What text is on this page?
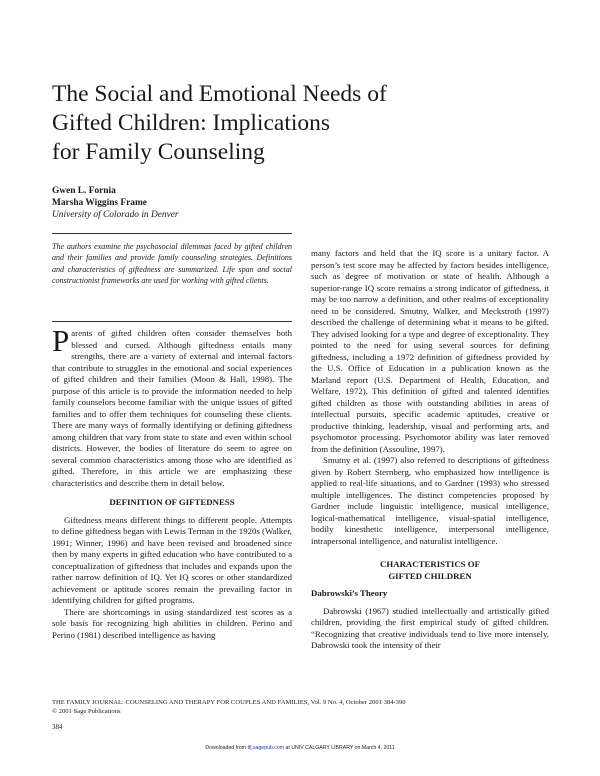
The Social and Emotional Needs of
Gifted Children: Implications
for Family Counseling
Gwen L. Fornia
Marsha Wiggins Frame
University of Colorado in Denver
The authors examine the psychosocial dilemmas faced by gifted children and their families and provide family counseling strategies. Definitions and characteristics of giftedness are summarized. Life span and social constructionist frameworks are used for working with gifted clients.

Parents of gifted children often consider themselves both blessed and cursed. Although giftedness entails many strengths, there are a variety of external and internal factors that contribute to struggles in the emotional and social experiences of gifted children and their families (Moon & Hall, 1998). The purpose of this article is to provide the information needed to help family counselors become familiar with the unique issues of gifted families and to offer them techniques for counseling these clients. There are many ways of formally identifying or defining giftedness among children that vary from state to state and even within school districts. However, the bodies of literature do seem to agree on several common characteristics among those who are identified as gifted. Therefore, in this article we are emphasizing these characteristics and describe them in detail below.

DEFINITION OF GIFTEDNESS

Giftedness means different things to different people. Attempts to define giftedness began with Lewis Terman in the 1920s (Walker, 1991; Winner, 1996) and have been revised and broadened since then by many experts in gifted education who have contributed to a conceptualization of giftedness that includes and expands upon the rather narrow definition of IQ. Yet IQ scores or other standardized achievement or aptitude scores remain the prevailing factor in identifying children for gifted programs.

There are shortcomings in using standardized test scores as a sole basis for recognizing high abilities in children. Perino and Perino (1981) described intelligence as having

many factors and held that the IQ score is a unitary factor. A person’s test score may be affected by factors besides intelligence, such as degree of motivation or state of health. Although a superior-range IQ score remains a strong indicator of giftedness, it may be too narrow a definition, and other realms of exceptionality need to be considered. Smutny, Walker, and Meckstroth (1997) described the challenge of determining what it means to be gifted. They advised looking for a type and degree of exceptionality. They pointed to the need for using several sources for defining giftedness, including a 1972 definition of giftedness provided by the U.S. Office of Education in a publication known as the Marland report (U.S. Department of Health, Education, and Welfare, 1972). This definition of gifted and talented identifies gifted children as those with outstanding abilities in areas of intellectual pursuits, specific academic aptitudes, creative or productive thinking, leadership, visual and performing arts, and psychomotor processing. Psychomotor ability was later removed from the definition (Assouline, 1997).

Smutny et al. (1997) also referred to descriptions of giftedness given by Robert Sternberg, who emphasized how intelligence is applied to real-life situations, and to Gardner (1993) who stressed multiple intelligences. The distinct competencies proposed by Gardner include linguistic intelligence, musical intelligence, logical-mathematical intelligence, visual-spatial intelligence, bodily kinesthetic intelligence, interpersonal intelligence, intrapersonal intelligence, and naturalist intelligence.

CHARACTERISTICS OF
GIFTED CHILDREN
Dabrowski’s Theory

Dabrowski (1967) studied intellectually and artistically gifted children, providing the first empirical study of gifted children. “Recognizing that creative individuals tend to live more intensely, Dabrowski took the intensity of their

THE FAMILY JOURNAL: COUNSELING AND THERAPY FOR COUPLES AND FAMILIES, Vol. 9 No. 4, October 2001 384-390
© 2001 Sage Publications
384
Downloaded from tfj.sagepub.com at UNIV CALGARY LIBRARY on March 4, 2011
